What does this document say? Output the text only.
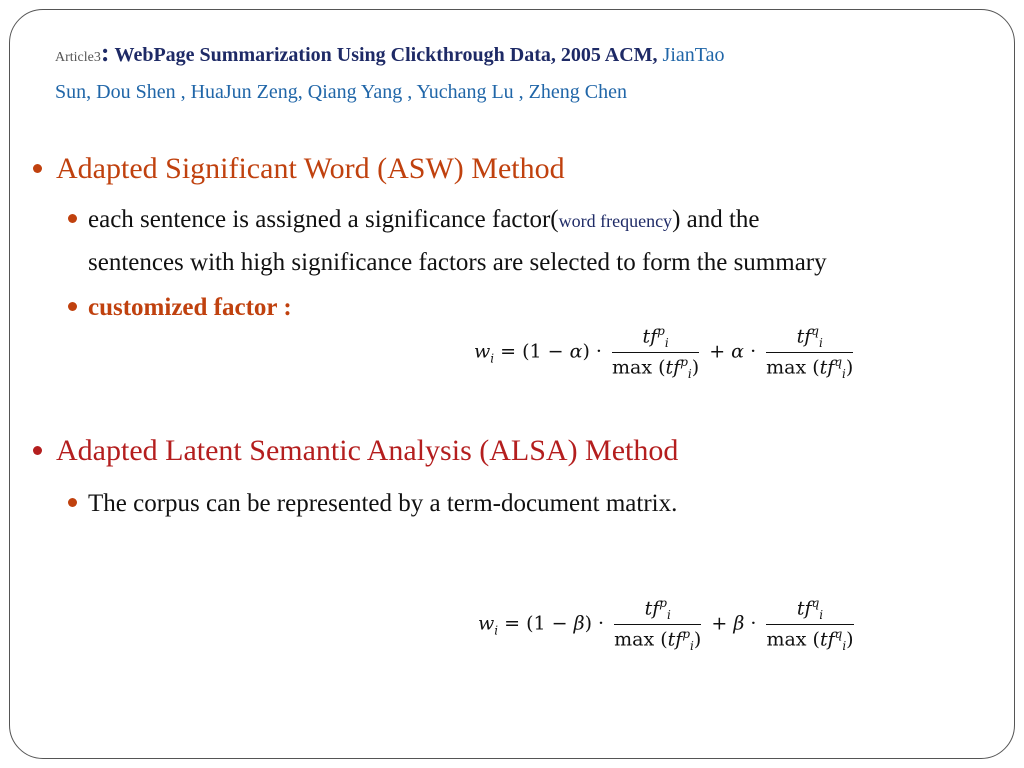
Article3: WebPage Summarization Using Clickthrough Data, 2005 ACM, JianTao
Sun, Dou Shen , HuaJun Zeng, Qiang Yang , Yuchang Lu , Zheng Chen
Adapted Significant Word (ASW) Method
each sentence is assigned a significance factor(word frequency) and the
sentences with high significance factors are selected to form the summary
customized factor :
$w_i = (1 - \alpha) \cdot \frac{tf^p_i}{\max (tf^p_i)} + \alpha \cdot \frac{tf^q_i}{\max (tf^q_i)}$
Adapted Latent Semantic Analysis (ALSA) Method
The corpus can be represented by a term-document matrix.
$w_i = (1 - \beta) \cdot \frac{tf^p_i}{\max (tf^p_i)} + \beta \cdot \frac{tf^q_i}{\max (tf^q_i)}$
